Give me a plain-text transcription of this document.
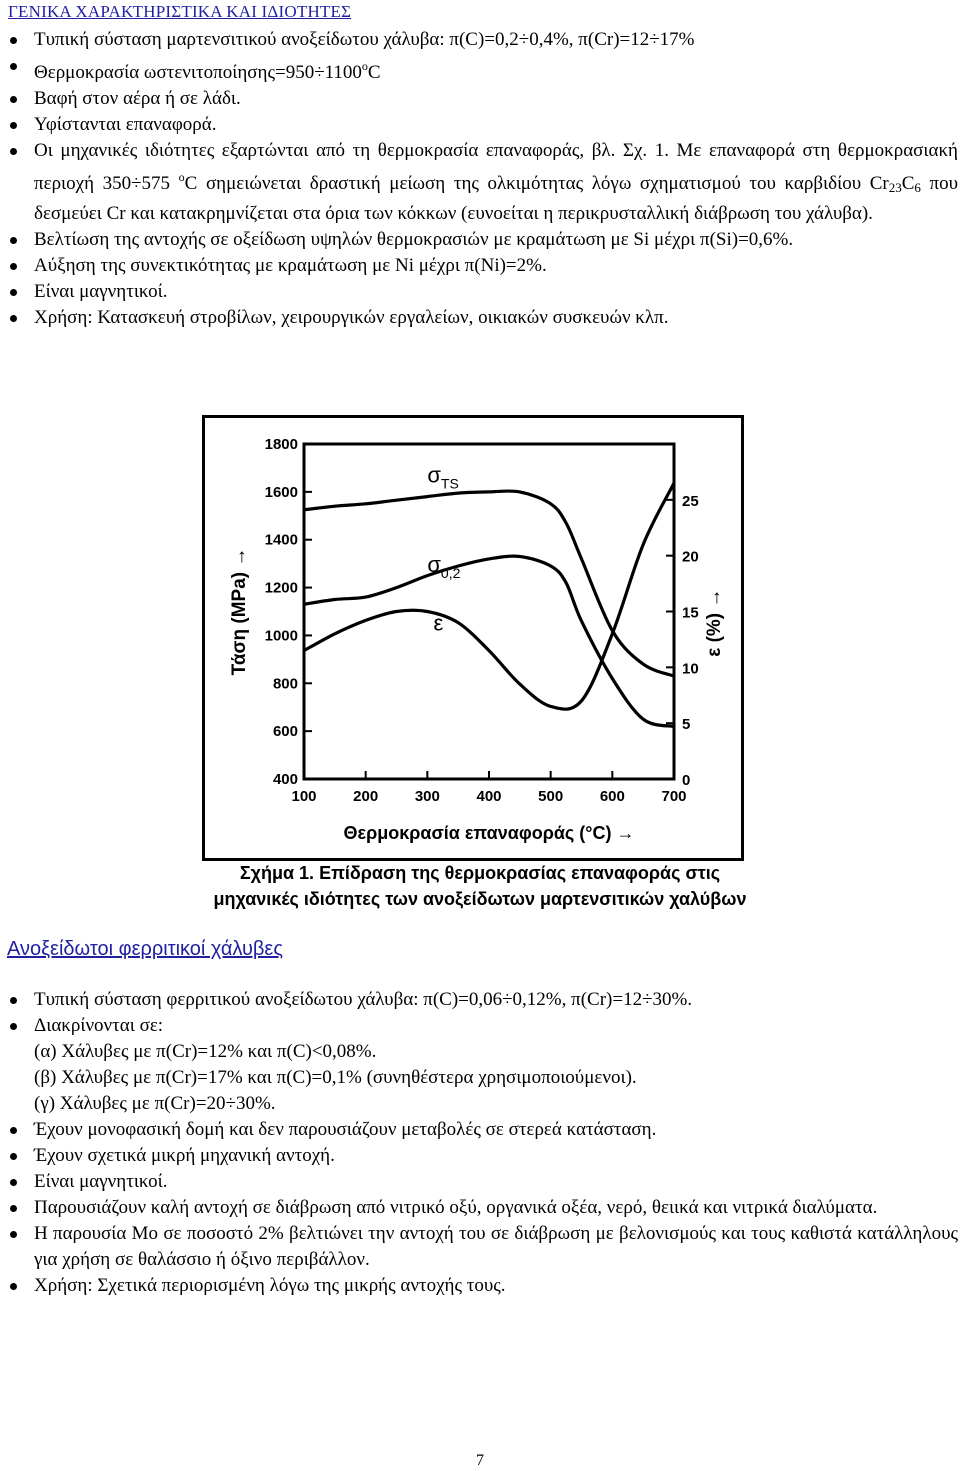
ΓΕΝΙΚΑ ΧΑΡΑΚΤΗΡΙΣΤΙΚΑ ΚΑΙ ΙΔΙΟΤΗΤΕΣ
Τυπική σύσταση μαρτενσιτικού ανοξείδωτου χάλυβα: π(C)=0,2÷0,4%, π(Cr)=12÷17%
Θερμοκρασία $\omega\sigma\tau\varepsilon\nu\iota\tau o\pi oί\eta\sigma\eta\varsigma=950\div 1100^oC$
Βαφή στον αέρα ή σε λάδι.
Υφίστανται επαναφορά.
Οι μηχανικές ιδιότητες εξαρτώνται από τη θερμοκρασία επαναφοράς, βλ. Σχ. 1. Με επαναφορά στη θερμοκρασιακή περιοχή 350÷575 $^o$C σημειώνεται δραστική μείωση της ολκιμότητας λόγω σχηματισμού του καρβιδίου $Cr_{23}C_6$ που δεσμεύει Cr και κατακρημνίζεται στα όρια των κόκκων (ευνοείται η περικρυσταλλική διάβρωση του χάλυβα).
Βελτίωση της αντοχής σε οξείδωση υψηλών θερμοκρασιών με κραμάτωση με Si μέχρι π(Si)=0,6%.
Αύξηση της συνεκτικότητας με κραμάτωση με Ni μέχρι π(Ni)=2%.
Είναι μαγνητικοί.
Χρήση: Κατασκευή στροβίλων, χειρουργικών εργαλείων, οικιακών συσκευών κλπ.
100 200 300 400 500 600 700
400
600
800
1000
1200
1400
1600
1800
0
5
10
15
20
25
Θερμοκρασία επαναφοράς (°C) →
Τάση (MPa) →	ε (%) →
$\sigma_{TS}$
$\sigma_{0,2}$
ε
Σχήμα 1. Επίδραση της θερμοκρασίας επαναφοράς στις
μηχανικές ιδιότητες των ανοξείδωτων μαρτενσιτικών χαλύβων
Ανοξείδωτοι φερριτικοί χάλυβες
Τυπική σύσταση φερριτικού ανοξείδωτου χάλυβα: π(C)=0,06÷0,12%, π(Cr)=12÷30%.
Διακρίνονται σε:
(α) Χάλυβες με π(Cr)=12% και π(C)<0,08%.
(β) Χάλυβες με π(Cr)=17% και π(C)=0,1% (συνηθέστερα χρησιμοποιούμενοι).
(γ) Χάλυβες με π(Cr)=20÷30%.
Έχουν μονοφασική δομή και δεν παρουσιάζουν μεταβολές σε στερεά κατάσταση.
Έχουν σχετικά μικρή μηχανική αντοχή.
Είναι μαγνητικοί.
Παρουσιάζουν καλή αντοχή σε διάβρωση από νιτρικό οξύ, οργανικά οξέα, νερό, θειικά και νιτρικά διαλύματα.
Η παρουσία Mo σε ποσοστό 2% βελτιώνει την αντοχή του σε διάβρωση με βελονισμούς και τους καθιστά κατάλληλους για χρήση σε θαλάσσιο ή όξινο περιβάλλον.
Χρήση: Σχετικά περιορισμένη λόγω της μικρής αντοχής τους.
7
